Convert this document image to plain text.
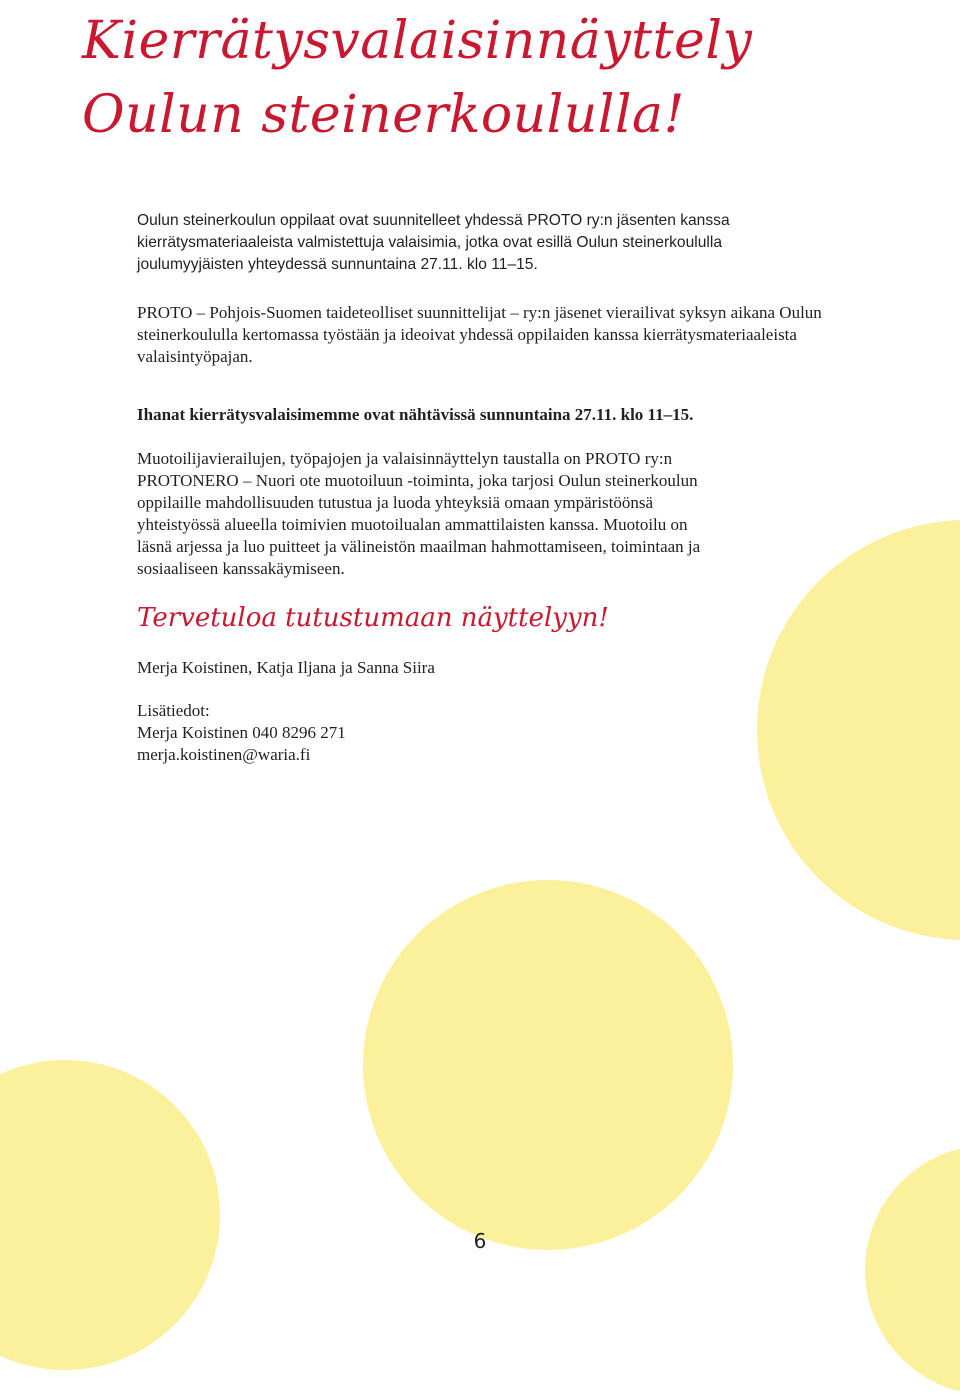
Kierrätysvalaisinnäyttely
Oulun steinerkoululla!

Oulun steinerkoulun oppilaat ovat suunnitelleet yhdessä PROTO ry:n jäsenten kanssa kierrätysmateriaaleista valmistettuja valaisimia, jotka ovat esillä Oulun steinerkoululla joulumyyjäisten yhteydessä sunnuntaina 27.11. klo 11–15.

PROTO – Pohjois-Suomen taideteolliset suunnittelijat – ry:n jäsenet vierailivat syksyn aikana Oulun steinerkoululla kertomassa työstään ja ideoivat yhdessä oppilaiden kanssa kierrätysmateriaaleista valaisintyöpajan.

Ihanat kierrätysvalaisimemme ovat nähtävissä sunnuntaina 27.11. klo 11–15.

Muotoilijavierailujen, työpajojen ja valaisinnäyttelyn taustalla on PROTO ry:n PROTONERO – Nuori ote muotoiluun -toiminta, joka tarjosi Oulun steinerkoulun oppilaille mahdollisuuden tutustua ja luoda yhteyksiä omaan ympäristöönsä yhteistyössä alueella toimivien muotoilualan ammattilaisten kanssa. Muotoilu on läsnä arjessa ja luo puitteet ja välineistön maailman hahmottamiseen, toimintaan ja sosiaaliseen kanssakäymiseen.

Tervetuloa tutustumaan näyttelyyn!

Merja Koistinen, Katja Iljana ja Sanna Siira

Lisätiedot:
Merja Koistinen 040 8296 271
merja.koistinen@waria.fi

6
